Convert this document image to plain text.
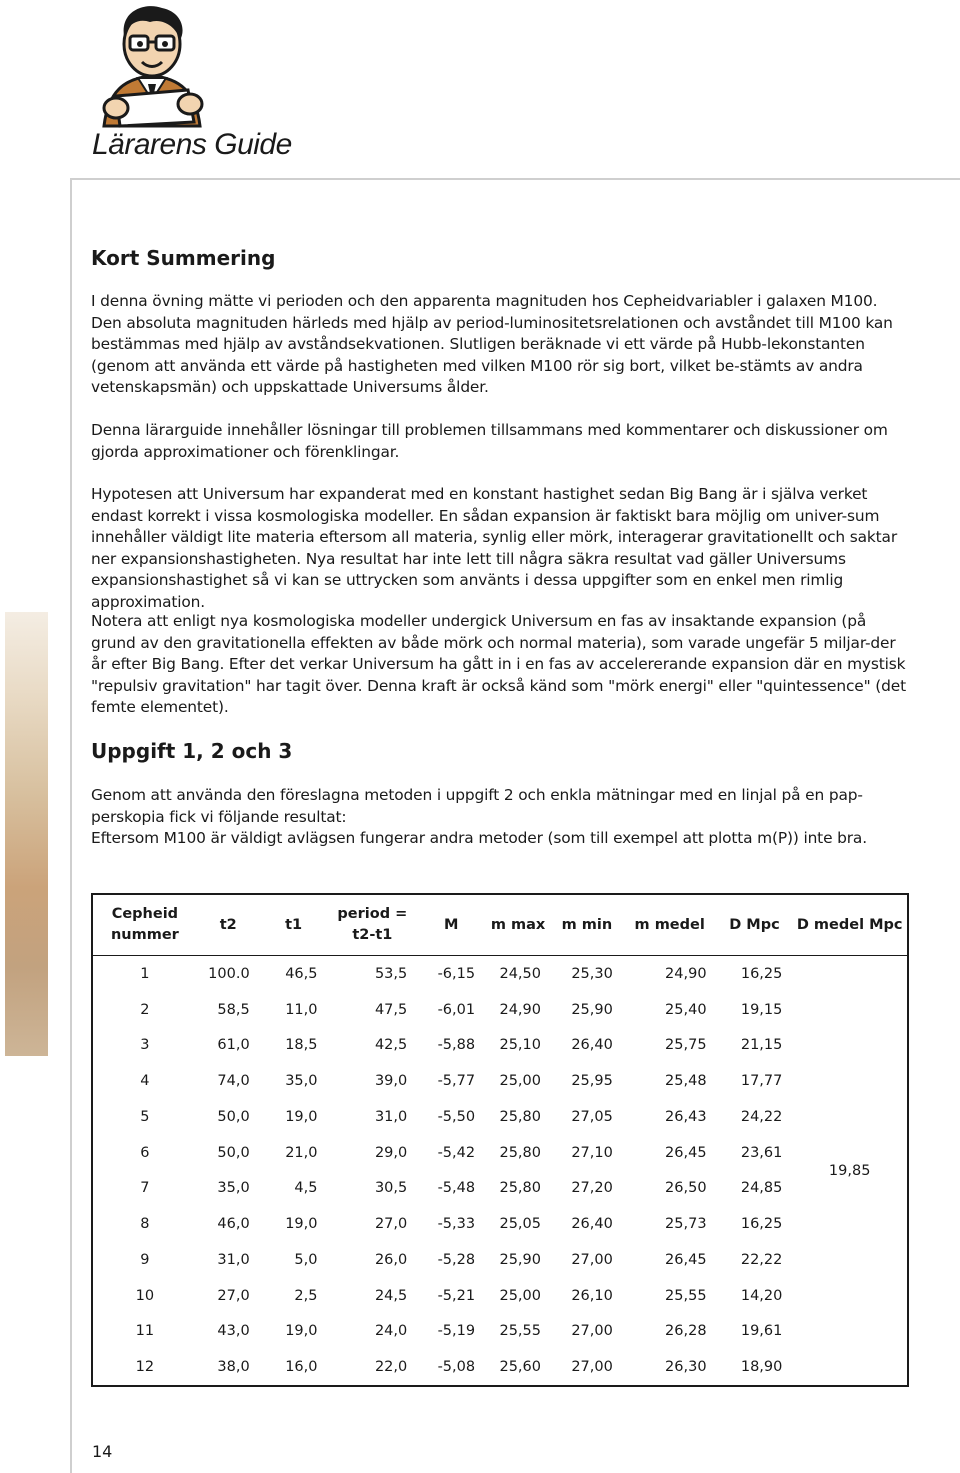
Lärarens Guide
Kort Summering

I denna övning mätte vi perioden och den apparenta magnituden hos Cepheidvariabler i galaxen M100. Den absoluta magnituden härleds med hjälp av period-luminositetsrelationen och avståndet till M100 kan bestämmas med hjälp av avståndsekvationen. Slutligen beräknade vi ett värde på Hubb-lekonstanten (genom att använda ett värde på hastigheten med vilken M100 rör sig bort, vilket be-stämts av andra vetenskapsmän) och uppskattade Universums ålder.

Denna lärarguide innehåller lösningar till problemen tillsammans med kommentarer och diskussioner om gjorda approximationer och förenklingar.

Hypotesen att Universum har expanderat med en konstant hastighet sedan Big Bang är i själva verket endast korrekt i vissa kosmologiska modeller. En sådan expansion är faktiskt bara möjlig om univer-sum innehåller väldigt lite materia eftersom all materia, synlig eller mörk, interagerar gravitationellt och saktar ner expansionshastigheten. Nya resultat har inte lett till några säkra resultat vad gäller Universums expansionshastighet så vi kan se uttrycken som använts i dessa uppgifter som en enkel men rimlig approximation.

Notera att enligt nya kosmologiska modeller undergick Universum en fas av insaktande expansion (på grund av den gravitationella effekten av både mörk och normal materia), som varade ungefär 5 miljar-der år efter Big Bang. Efter det verkar Universum ha gått in i en fas av accelererande expansion där en mystisk "repulsiv gravitation" har tagit över. Denna kraft är också känd som "mörk energi" eller "quintessence" (det femte elementet).

Uppgift 1, 2 och 3

Genom att använda den föreslagna metoden i uppgift 2 och enkla mätningar med en linjal på en pap-perskopia fick vi följande resultat:

Eftersom M100 är väldigt avlägsen fungerar andra metoder (som till exempel att plotta m(P)) inte bra.

Cepheid nummer	t2	t1	period = t2-t1	M	m max	m min	m medel	D Mpc	D medel Mpc
1	100.0	46,5	53,5	-6,15	24,50	25,30	24,90	16,25	19,85
2	58,5	11,0	47,5	-6,01	24,90	25,90	25,40	19,15	
3	61,0	18,5	42,5	-5,88	25,10	26,40	25,75	21,15	
4	74,0	35,0	39,0	-5,77	25,00	25,95	25,48	17,77	
5	50,0	19,0	31,0	-5,50	25,80	27,05	26,43	24,22	
6	50,0	21,0	29,0	-5,42	25,80	27,10	26,45	23,61	
7	35,0	4,5	30,5	-5,48	25,80	27,20	26,50	24,85	
8	46,0	19,0	27,0	-5,33	25,05	26,40	25,73	16,25	
9	31,0	5,0	26,0	-5,28	25,90	27,00	26,45	22,22	
10	27,0	2,5	24,5	-5,21	25,00	26,10	25,55	14,20	
11	43,0	19,0	24,0	-5,19	25,55	27,00	26,28	19,61	
12	38,0	16,0	22,0	-5,08	25,60	27,00	26,30	18,90	
14
